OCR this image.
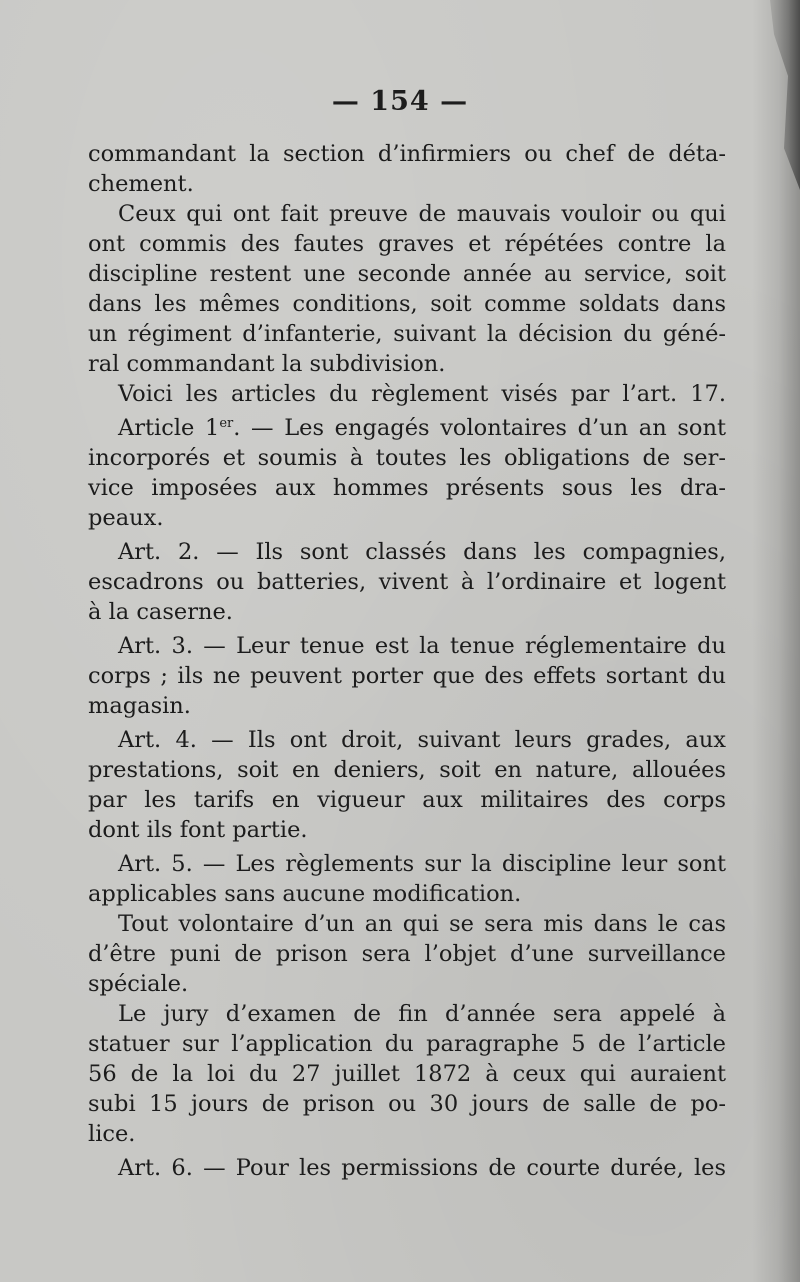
— 154 —
commandant la section d’infirmiers ou chef de déta-
chement.
Ceux qui ont fait preuve de mauvais vouloir ou qui
ont commis des fautes graves et répétées contre la
discipline restent une seconde année au service, soit
dans les mêmes conditions, soit comme soldats dans
un régiment d’infanterie, suivant la décision du géné-
ral commandant la subdivision.
Voici les articles du règlement visés par l’art. 17.
Article 1er. — Les engagés volontaires d’un an sont
incorporés et soumis à toutes les obligations de ser-
vice imposées aux hommes présents sous les dra-
peaux.
Art. 2. — Ils sont classés dans les compagnies,
escadrons ou batteries, vivent à l’ordinaire et logent
à la caserne.
Art. 3. — Leur tenue est la tenue réglementaire du
corps ; ils ne peuvent porter que des effets sortant du
magasin.
Art. 4. — Ils ont droit, suivant leurs grades, aux
prestations, soit en deniers, soit en nature, allouées
par les tarifs en vigueur aux militaires des corps
dont ils font partie.
Art. 5. — Les règlements sur la discipline leur sont
applicables sans aucune modification.
Tout volontaire d’un an qui se sera mis dans le cas
d’être puni de prison sera l’objet d’une surveillance
spéciale.
Le jury d’examen de fin d’année sera appelé à
statuer sur l’application du paragraphe 5 de l’article
56 de la loi du 27 juillet 1872 à ceux qui auraient
subi 15 jours de prison ou 30 jours de salle de po-
lice.
Art. 6. — Pour les permissions de courte durée, les
